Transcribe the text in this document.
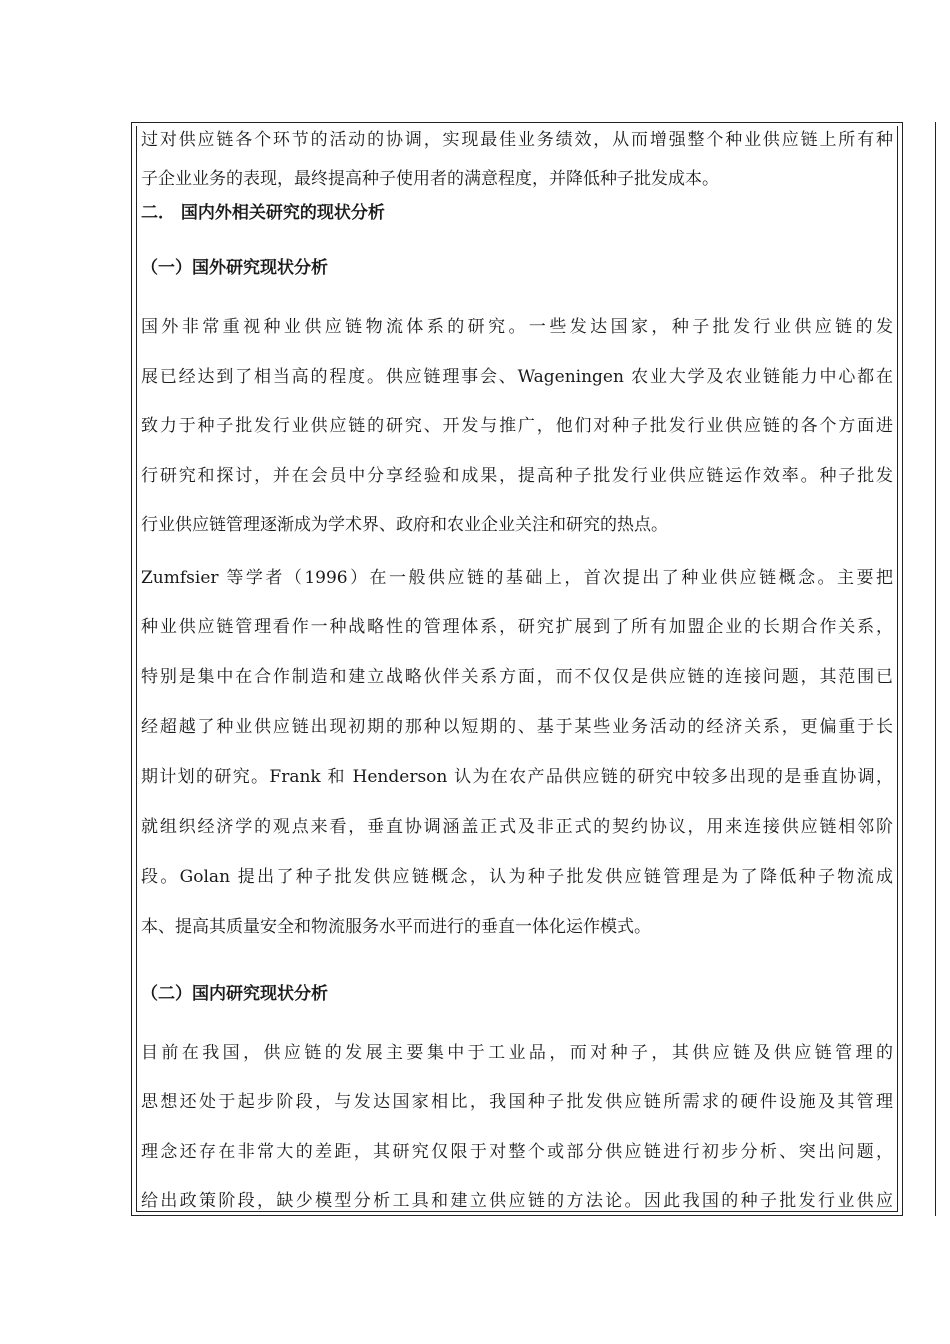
过对供应链各个环节的活动的协调，实现最佳业务绩效，从而增强整个种业供应链上所有种
子企业业务的表现，最终提高种子使用者的满意程度，并降低种子批发成本。
二． 国内外相关研究的现状分析
（一）国外研究现状分析
国外非常重视种业供应链物流体系的研究。一些发达国家，种子批发行业供应链的发
展已经达到了相当高的程度。供应链理事会、Wageningen 农业大学及农业链能力中心都在
致力于种子批发行业供应链的研究、开发与推广，他们对种子批发行业供应链的各个方面进
行研究和探讨，并在会员中分享经验和成果，提高种子批发行业供应链运作效率。种子批发
行业供应链管理逐渐成为学术界、政府和农业企业关注和研究的热点。
Zumfsier 等学者（1996）在一般供应链的基础上，首次提出了种业供应链概念。主要把
种业供应链管理看作一种战略性的管理体系，研究扩展到了所有加盟企业的长期合作关系，
特别是集中在合作制造和建立战略伙伴关系方面，而不仅仅是供应链的连接问题，其范围已
经超越了种业供应链出现初期的那种以短期的、基于某些业务活动的经济关系，更偏重于长
期计划的研究。Frank 和 Henderson 认为在农产品供应链的研究中较多出现的是垂直协调，
就组织经济学的观点来看，垂直协调涵盖正式及非正式的契约协议，用来连接供应链相邻阶
段。Golan 提出了种子批发供应链概念，认为种子批发供应链管理是为了降低种子物流成
本、提高其质量安全和物流服务水平而进行的垂直一体化运作模式。
（二）国内研究现状分析
目前在我国，供应链的发展主要集中于工业品，而对种子，其供应链及供应链管理的
思想还处于起步阶段，与发达国家相比，我国种子批发供应链所需求的硬件设施及其管理
理念还存在非常大的差距，其研究仅限于对整个或部分供应链进行初步分析、突出问题，
给出政策阶段，缺少模型分析工具和建立供应链的方法论。因此我国的种子批发行业供应
